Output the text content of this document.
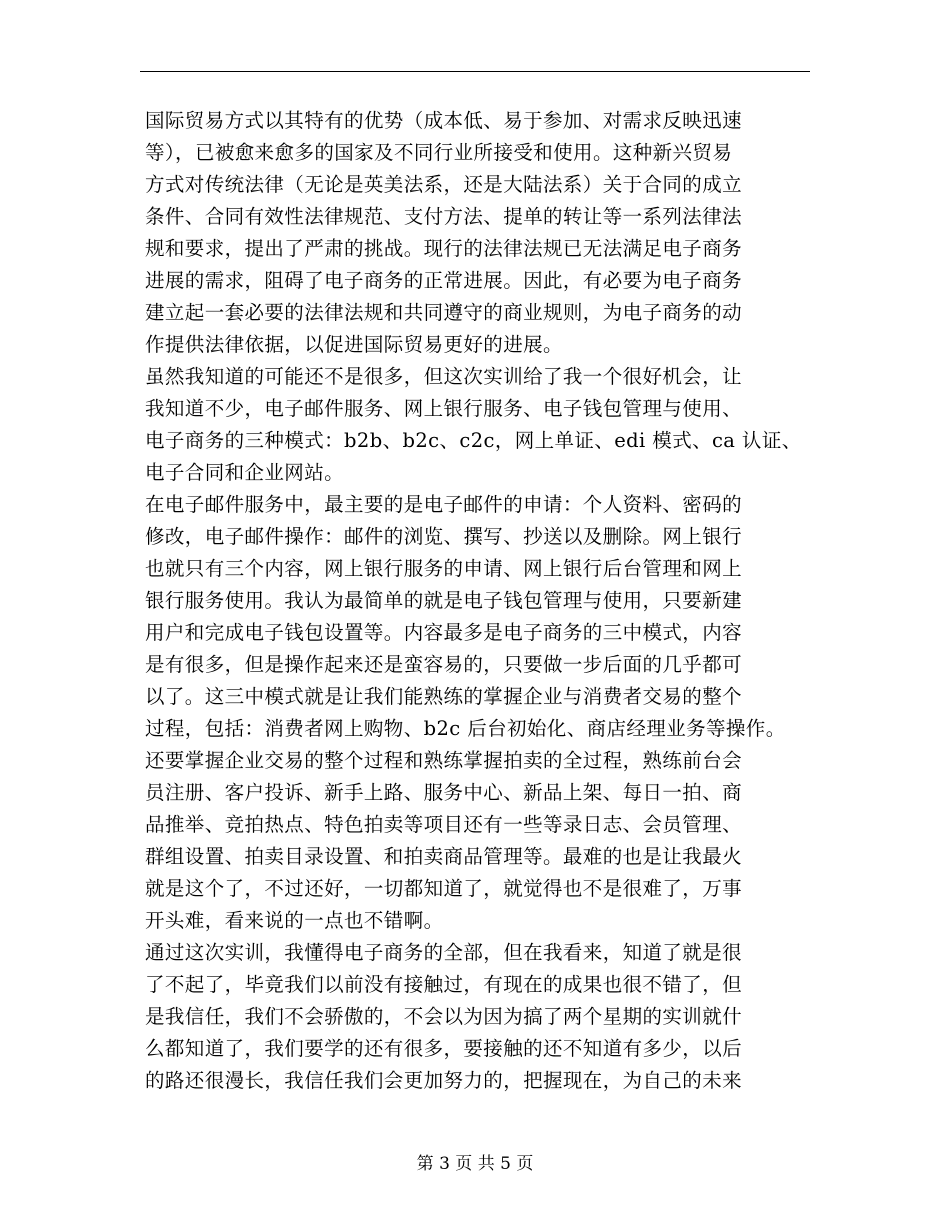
国际贸易方式以其特有的优势（成本低、易于参加、对需求反映迅速
等），已被愈来愈多的国家及不同行业所接受和使用。这种新兴贸易
方式对传统法律（无论是英美法系，还是大陆法系）关于合同的成立
条件、合同有效性法律规范、支付方法、提单的转让等一系列法律法
规和要求，提出了严肃的挑战。现行的法律法规已无法满足电子商务
进展的需求，阻碍了电子商务的正常进展。因此，有必要为电子商务
建立起一套必要的法律法规和共同遵守的商业规则，为电子商务的动
作提供法律依据，以促进国际贸易更好的进展。
虽然我知道的可能还不是很多，但这次实训给了我一个很好机会，让
我知道不少，电子邮件服务、网上银行服务、电子钱包管理与使用、
电子商务的三种模式：b2b、b2c、c2c，网上单证、edi 模式、ca 认证、
电子合同和企业网站。
在电子邮件服务中，最主要的是电子邮件的申请：个人资料、密码的
修改，电子邮件操作：邮件的浏览、撰写、抄送以及删除。网上银行
也就只有三个内容，网上银行服务的申请、网上银行后台管理和网上
银行服务使用。我认为最简单的就是电子钱包管理与使用，只要新建
用户和完成电子钱包设置等。内容最多是电子商务的三中模式，内容
是有很多，但是操作起来还是蛮容易的，只要做一步后面的几乎都可
以了。这三中模式就是让我们能熟练的掌握企业与消费者交易的整个
过程，包括：消费者网上购物、b2c 后台初始化、商店经理业务等操作。
还要掌握企业交易的整个过程和熟练掌握拍卖的全过程，熟练前台会
员注册、客户投诉、新手上路、服务中心、新品上架、每日一拍、商
品推举、竞拍热点、特色拍卖等项目还有一些等录日志、会员管理、
群组设置、拍卖目录设置、和拍卖商品管理等。最难的也是让我最火
就是这个了，不过还好，一切都知道了，就觉得也不是很难了，万事
开头难，看来说的一点也不错啊。
通过这次实训，我懂得电子商务的全部，但在我看来，知道了就是很
了不起了，毕竟我们以前没有接触过，有现在的成果也很不错了，但
是我信任，我们不会骄傲的，不会以为因为搞了两个星期的实训就什
么都知道了，我们要学的还有很多，要接触的还不知道有多少，以后
的路还很漫长，我信任我们会更加努力的，把握现在，为自己的未来
第 3 页 共 5 页
